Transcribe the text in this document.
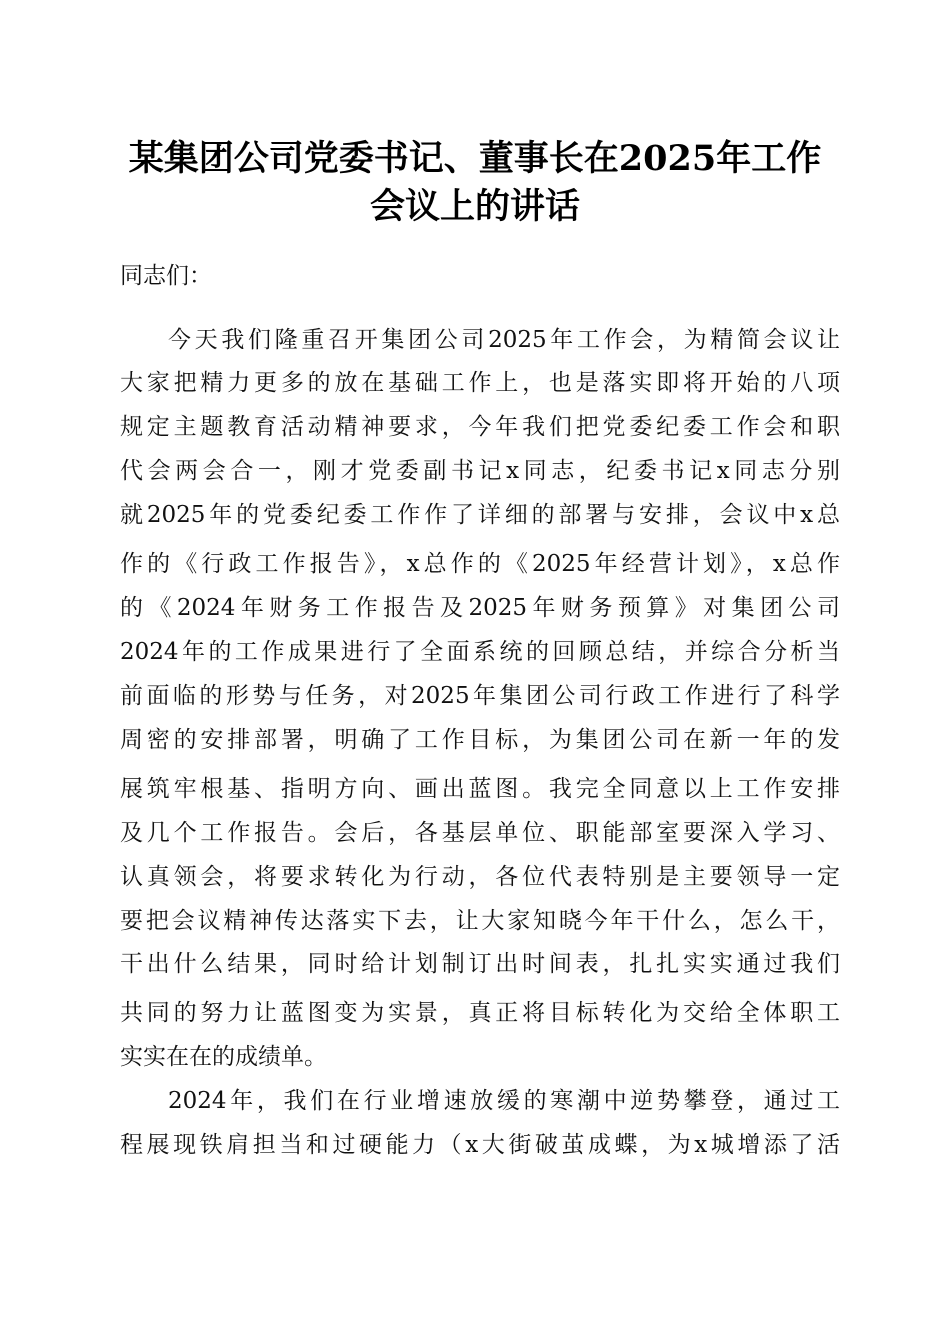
某集团公司党委书记、董事长在2025年工作
会议上的讲话
同志们：
今天我们隆重召开集团公司2025年工作会，为精简会议让
大家把精力更多的放在基础工作上，也是落实即将开始的八项
规定主题教育活动精神要求，今年我们把党委纪委工作会和职
代会两会合一，刚才党委副书记x同志，纪委书记x同志分别
就2025年的党委纪委工作作了详细的部署与安排，会议中x总
作的《行政工作报告》，x总作的《2025年经营计划》，x总作
的《2024年财务工作报告及2025年财务预算》对集团公司
2024年的工作成果进行了全面系统的回顾总结，并综合分析当
前面临的形势与任务，对2025年集团公司行政工作进行了科学
周密的安排部署，明确了工作目标，为集团公司在新一年的发
展筑牢根基、指明方向、画出蓝图。我完全同意以上工作安排
及几个工作报告。会后，各基层单位、职能部室要深入学习、
认真领会，将要求转化为行动，各位代表特别是主要领导一定
要把会议精神传达落实下去，让大家知晓今年干什么，怎么干，
干出什么结果，同时给计划制订出时间表，扎扎实实通过我们
共同的努力让蓝图变为实景，真正将目标转化为交给全体职工
实实在在的成绩单。
2024年，我们在行业增速放缓的寒潮中逆势攀登，通过工
程展现铁肩担当和过硬能力（x大街破茧成蝶，为x城增添了活
